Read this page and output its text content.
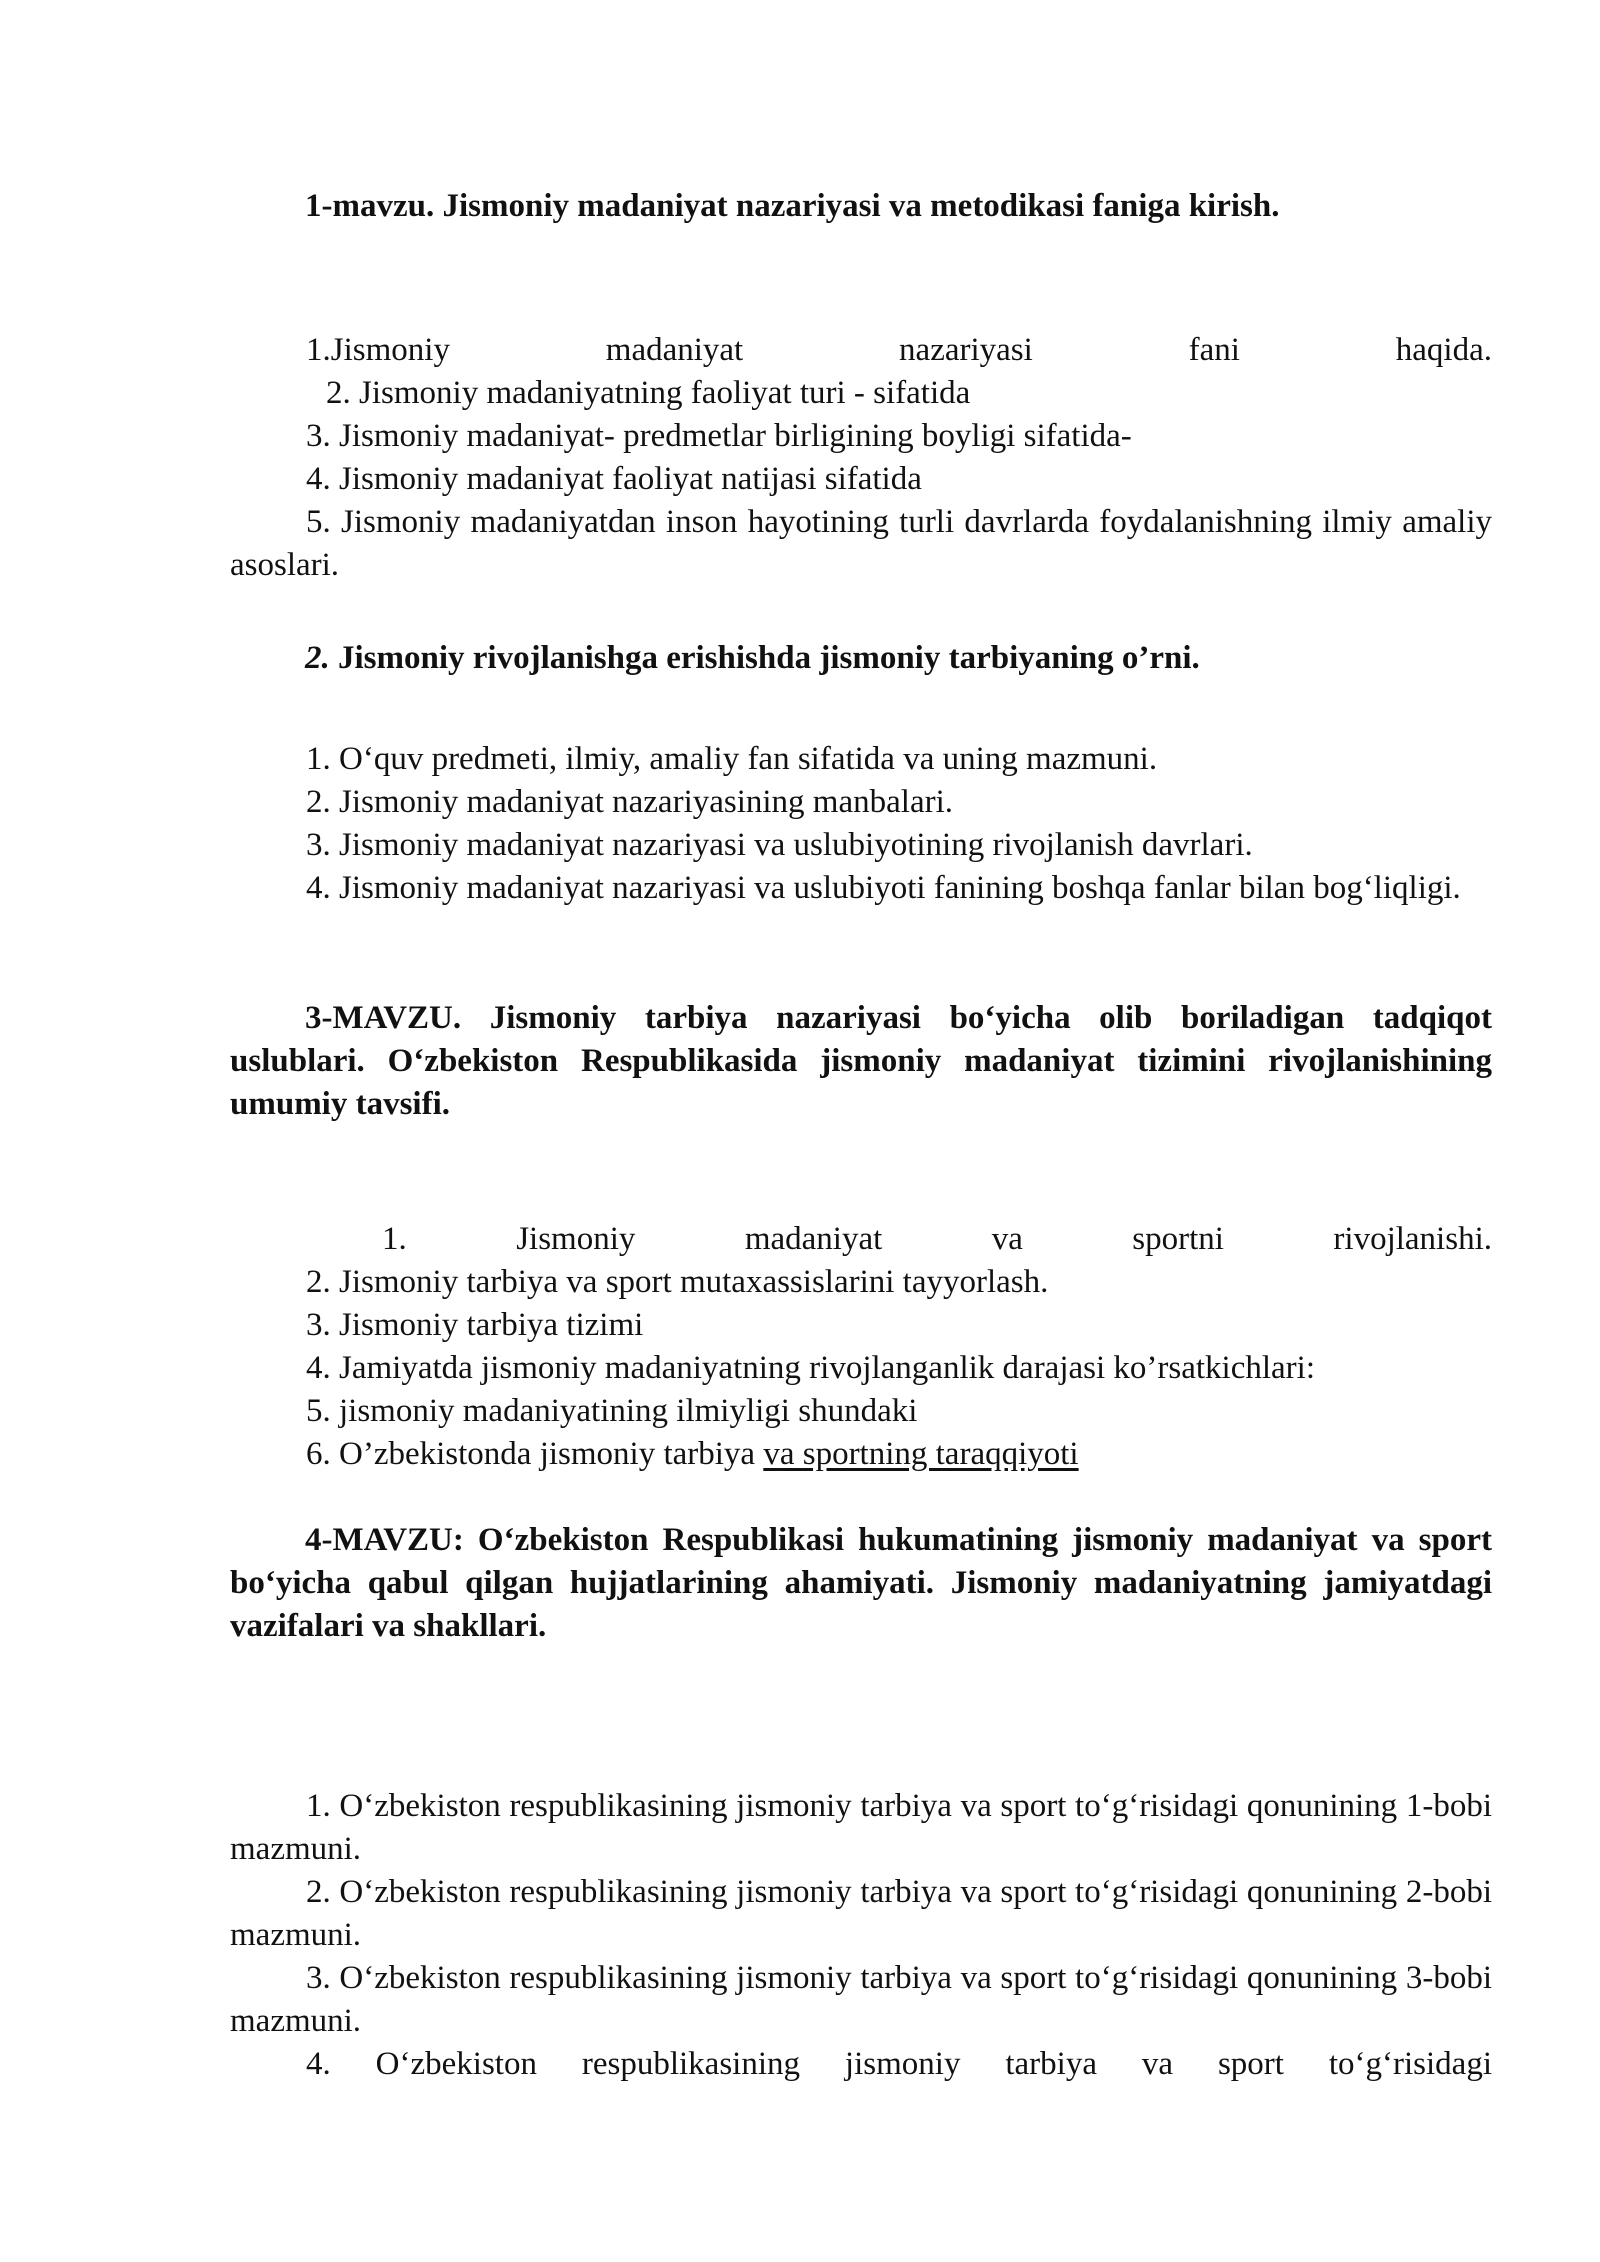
1-mavzu. Jismoniy madaniyat nazariyasi va metodikasi faniga kirish.

1.Jismoniy madaniyat nazariyasi fani haqida.

2. Jismoniy madaniyatning faoliyat turi - sifatida

3. Jismoniy madaniyat- predmetlar birligining boyligi sifatida-

4. Jismoniy madaniyat faoliyat natijasi sifatida

5. Jismoniy madaniyatdan inson hayotining turli davrlarda foydalanishning ilmiy amaliy asoslari.

2. Jismoniy rivojlanishga erishishda jismoniy tarbiyaning o’rni.

1. O‘quv predmeti, ilmiy, amaliy fan sifatida va uning mazmuni.

2. Jismoniy madaniyat nazariyasining manbalari.

3. Jismoniy madaniyat nazariyasi va uslubiyotining rivojlanish davrlari.

4. Jismoniy madaniyat nazariyasi va uslubiyoti fanining boshqa fanlar bilan bog‘liqligi.

3-MAVZU. Jismoniy tarbiya nazariyasi bo‘yicha olib boriladigan tadqiqot uslublari. O‘zbekiston Respublikasida jismoniy madaniyat tizimini rivojlanishining umumiy tavsifi.

1. Jismoniy madaniyat va sportni rivojlanishi.

2. Jismoniy tarbiya va sport mutaxassislarini tayyorlash.

3. Jismoniy tarbiya tizimi

4. Jamiyatda jismoniy madaniyatning rivojlanganlik darajasi ko’rsatkichlari:

5. jismoniy madaniyatining ilmiyligi shundaki

6. O’zbekistonda jismoniy tarbiya va sportning taraqqiyoti

4-MAVZU: O‘zbekiston Respublikasi hukumatining jismoniy madaniyat va sport bo‘yicha qabul qilgan hujjatlarining ahamiyati. Jismoniy madaniyatning jamiyatdagi vazifalari va shakllari.

1. O‘zbekiston respublikasining jismoniy tarbiya va sport to‘g‘risidagi qonunining 1-bobi mazmuni.

2. O‘zbekiston respublikasining jismoniy tarbiya va sport to‘g‘risidagi qonunining 2-bobi mazmuni.

3. O‘zbekiston respublikasining jismoniy tarbiya va sport to‘g‘risidagi qonunining 3-bobi mazmuni.

4. O‘zbekiston respublikasining jismoniy tarbiya va sport to‘g‘risidagi
